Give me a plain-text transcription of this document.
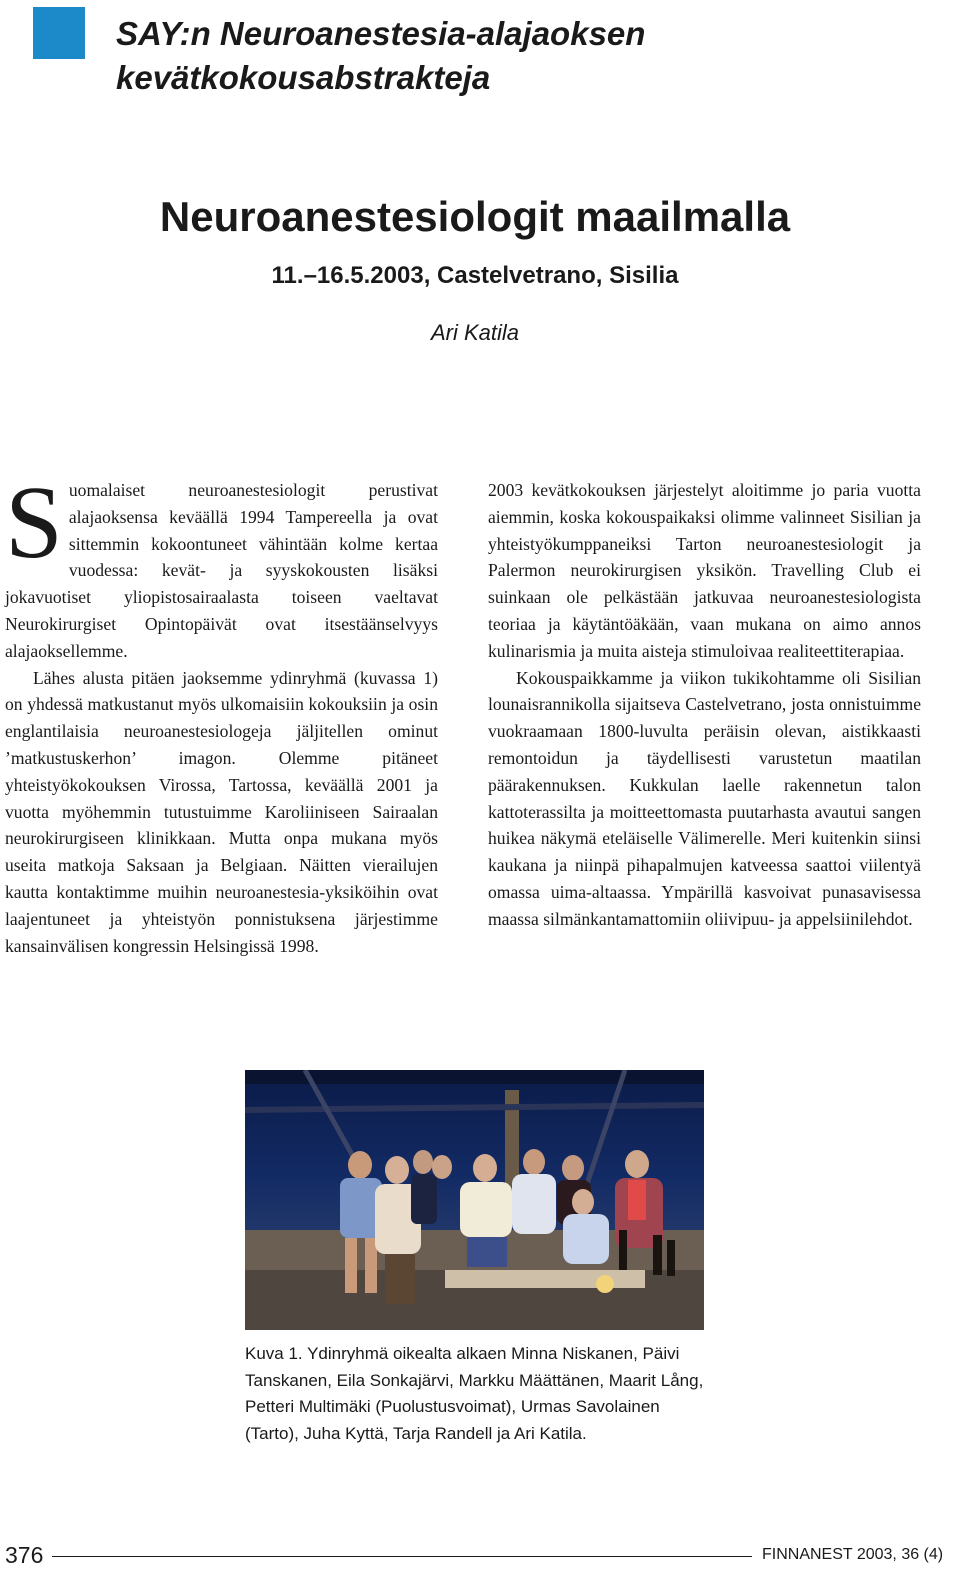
SAY:n Neuroanestesia-alajaoksen
kevätkokousabstrakteja
Neuroanestesiologit maailmalla
11.–16.5.2003, Castelvetrano, Sisilia
Ari Katila

Suomalaiset neuroanestesiologit perustivat alajaoksensa keväällä 1994 Tampereella ja ovat sittemmin kokoontuneet vähintään kolme kertaa vuodessa: kevät- ja syyskokousten lisäksi jokavuotiset yliopistosairaalasta toiseen vaeltavat Neurokirurgiset Opintopäivät ovat itsestäänselvyys alajaoksellemme.

Lähes alusta pitäen jaoksemme ydinryhmä (kuvassa 1) on yhdessä matkustanut myös ulkomaisiin kokouksiin ja osin englantilaisia neuroanestesiologeja jäljitellen ominut ’matkustuskerhon’ imagon. Olemme pitäneet yhteistyökokouksen Virossa, Tartossa, keväällä 2001 ja vuotta myöhemmin tutustuimme Karoliiniseen Sairaalan neurokirurgiseen klinikkaan. Mutta onpa mukana myös useita matkoja Saksaan ja Belgiaan. Näitten vierailujen kautta kontaktimme muihin neuroanestesia-yksiköihin ovat laajentuneet ja yhteistyön ponnistuksena järjestimme kansainvälisen kongressin Helsingissä 1998.

2003 kevätkokouksen järjestelyt aloitimme jo paria vuotta aiemmin, koska kokouspaikaksi olimme valinneet Sisilian ja yhteistyökumppaneiksi Tarton neuroanestesiologit ja Palermon neurokirurgisen yksikön. Travelling Club ei suinkaan ole pelkästään jatkuvaa neuroanestesiologista teoriaa ja käytäntöäkään, vaan mukana on aimo annos kulinarismia ja muita aisteja stimuloivaa realiteettiterapiaa.

Kokouspaikkamme ja viikon tukikohtamme oli Sisilian lounaisrannikolla sijaitseva Castelvetrano, josta onnistuimme vuokraamaan 1800-luvulta peräisin olevan, aistikkaasti remontoidun ja täydellisesti varustetun maatilan päärakennuksen. Kukkulan laelle rakennetun talon kattoterassilta ja moitteettomasta puutarhasta avautui sangen huikea näkymä eteläiselle Välimerelle. Meri kuitenkin siinsi kaukana ja niinpä pihapalmujen katveessa saattoi viilentyä omassa uima-altaassa. Ympärillä kasvoivat punasavisessa maassa silmänkantamattomiin oliivipuu- ja appelsiinilehdot.

Kuva 1. Ydinryhmä oikealta alkaen Minna Niskanen, Päivi Tanskanen, Eila Sonkajärvi, Markku Määttänen, Maarit Lång, Petteri Multimäki (Puolustusvoimat), Urmas Savolainen (Tarto), Juha Kyttä, Tarja Randell ja Ari Katila.
376	FINNANEST 2003, 36 (4)
